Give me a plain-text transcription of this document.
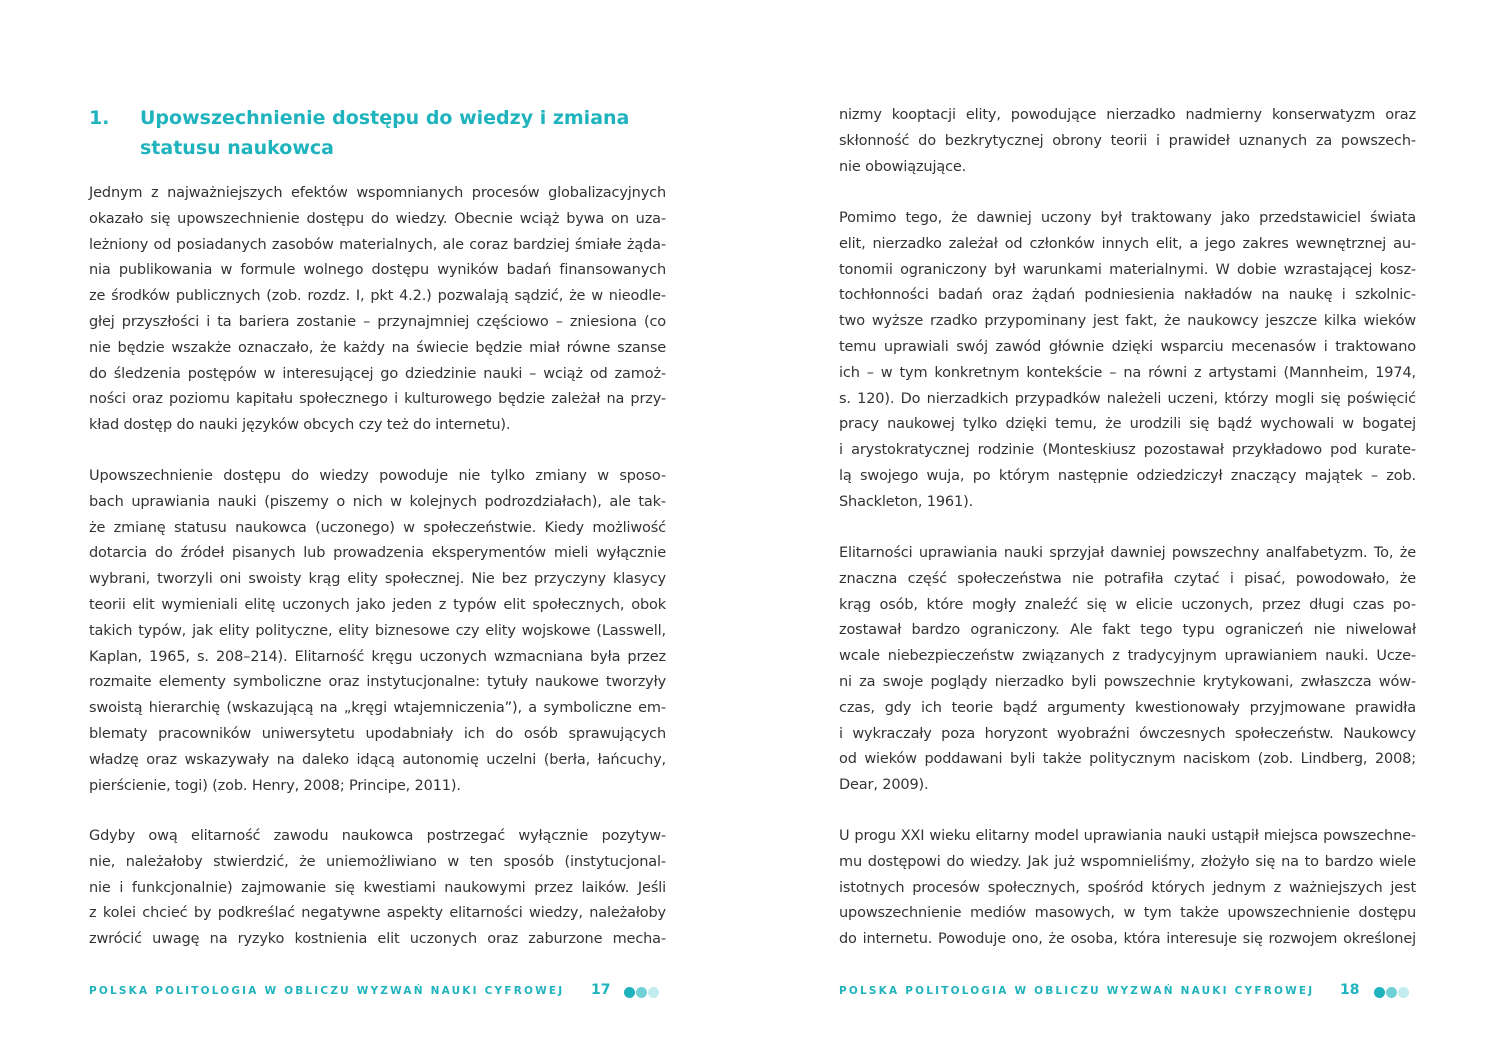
1. Upowszechnienie dostępu do wiedzy i zmiana
statusu naukowca
Jednym z najważniejszych efektów wspomnianych procesów globalizacyjnych
okazało się upowszechnienie dostępu do wiedzy. Obecnie wciąż bywa on uza-
leżniony od posiadanych zasobów materialnych, ale coraz bardziej śmiałe żąda-
nia publikowania w formule wolnego dostępu wyników badań finansowanych
ze środków publicznych (zob. rozdz. I, pkt 4.2.) pozwalają sądzić, że w nieodle-
głej przyszłości i ta bariera zostanie – przynajmniej częściowo – zniesiona (co
nie będzie wszakże oznaczało, że każdy na świecie będzie miał równe szanse
do śledzenia postępów w interesującej go dziedzinie nauki – wciąż od zamoż-
ności oraz poziomu kapitału społecznego i kulturowego będzie zależał na przy-
kład dostęp do nauki języków obcych czy też do internetu).
Upowszechnienie dostępu do wiedzy powoduje nie tylko zmiany w sposo-
bach uprawiania nauki (piszemy o nich w kolejnych podrozdziałach), ale tak-
że zmianę statusu naukowca (uczonego) w społeczeństwie. Kiedy możliwość
dotarcia do źródeł pisanych lub prowadzenia eksperymentów mieli wyłącznie
wybrani, tworzyli oni swoisty krąg elity społecznej. Nie bez przyczyny klasycy
teorii elit wymieniali elitę uczonych jako jeden z typów elit społecznych, obok
takich typów, jak elity polityczne, elity biznesowe czy elity wojskowe (Lasswell,
Kaplan, 1965, s. 208–214). Elitarność kręgu uczonych wzmacniana była przez
rozmaite elementy symboliczne oraz instytucjonalne: tytuły naukowe tworzyły
swoistą hierarchię (wskazującą na „kręgi wtajemniczenia”), a symboliczne em-
blematy pracowników uniwersytetu upodabniały ich do osób sprawujących
władzę oraz wskazywały na daleko idącą autonomię uczelni (berła, łańcuchy,
pierścienie, togi) (zob. Henry, 2008; Principe, 2011).
Gdyby ową elitarność zawodu naukowca postrzegać wyłącznie pozytyw-
nie, należałoby stwierdzić, że uniemożliwiano w ten sposób (instytucjonal-
nie i funkcjonalnie) zajmowanie się kwestiami naukowymi przez laików. Jeśli
z kolei chcieć by podkreślać negatywne aspekty elitarności wiedzy, należałoby
zwrócić uwagę na ryzyko kostnienia elit uczonych oraz zaburzone mecha-
POLSKA POLITOLOGIA W OBLICZU WYZWAŃ NAUKI CYFROWEJ 17
nizmy kooptacji elity, powodujące nierzadko nadmierny konserwatyzm oraz
skłonność do bezkrytycznej obrony teorii i prawideł uznanych za powszech-
nie obowiązujące.
Pomimo tego, że dawniej uczony był traktowany jako przedstawiciel świata
elit, nierzadko zależał od członków innych elit, a jego zakres wewnętrznej au-
tonomii ograniczony był warunkami materialnymi. W dobie wzrastającej kosz-
tochłonności badań oraz żądań podniesienia nakładów na naukę i szkolnic-
two wyższe rzadko przypominany jest fakt, że naukowcy jeszcze kilka wieków
temu uprawiali swój zawód głównie dzięki wsparciu mecenasów i traktowano
ich – w tym konkretnym kontekście – na równi z artystami (Mannheim, 1974,
s. 120). Do nierzadkich przypadków należeli uczeni, którzy mogli się poświęcić
pracy naukowej tylko dzięki temu, że urodzili się bądź wychowali w bogatej
i arystokratycznej rodzinie (Monteskiusz pozostawał przykładowo pod kurate-
lą swojego wuja, po którym następnie odziedziczył znaczący majątek – zob.
Shackleton, 1961).
Elitarności uprawiania nauki sprzyjał dawniej powszechny analfabetyzm. To, że
znaczna część społeczeństwa nie potrafiła czytać i pisać, powodowało, że
krąg osób, które mogły znaleźć się w elicie uczonych, przez długi czas po-
zostawał bardzo ograniczony. Ale fakt tego typu ograniczeń nie niwelował
wcale niebezpieczeństw związanych z tradycyjnym uprawianiem nauki. Ucze-
ni za swoje poglądy nierzadko byli powszechnie krytykowani, zwłaszcza wów-
czas, gdy ich teorie bądź argumenty kwestionowały przyjmowane prawidła
i wykraczały poza horyzont wyobraźni ówczesnych społeczeństw. Naukowcy
od wieków poddawani byli także politycznym naciskom (zob. Lindberg, 2008;
Dear, 2009).
U progu XXI wieku elitarny model uprawiania nauki ustąpił miejsca powszechne-
mu dostępowi do wiedzy. Jak już wspomnieliśmy, złożyło się na to bardzo wiele
istotnych procesów społecznych, spośród których jednym z ważniejszych jest
upowszechnienie mediów masowych, w tym także upowszechnienie dostępu
do internetu. Powoduje ono, że osoba, która interesuje się rozwojem określonej
POLSKA POLITOLOGIA W OBLICZU WYZWAŃ NAUKI CYFROWEJ 18
